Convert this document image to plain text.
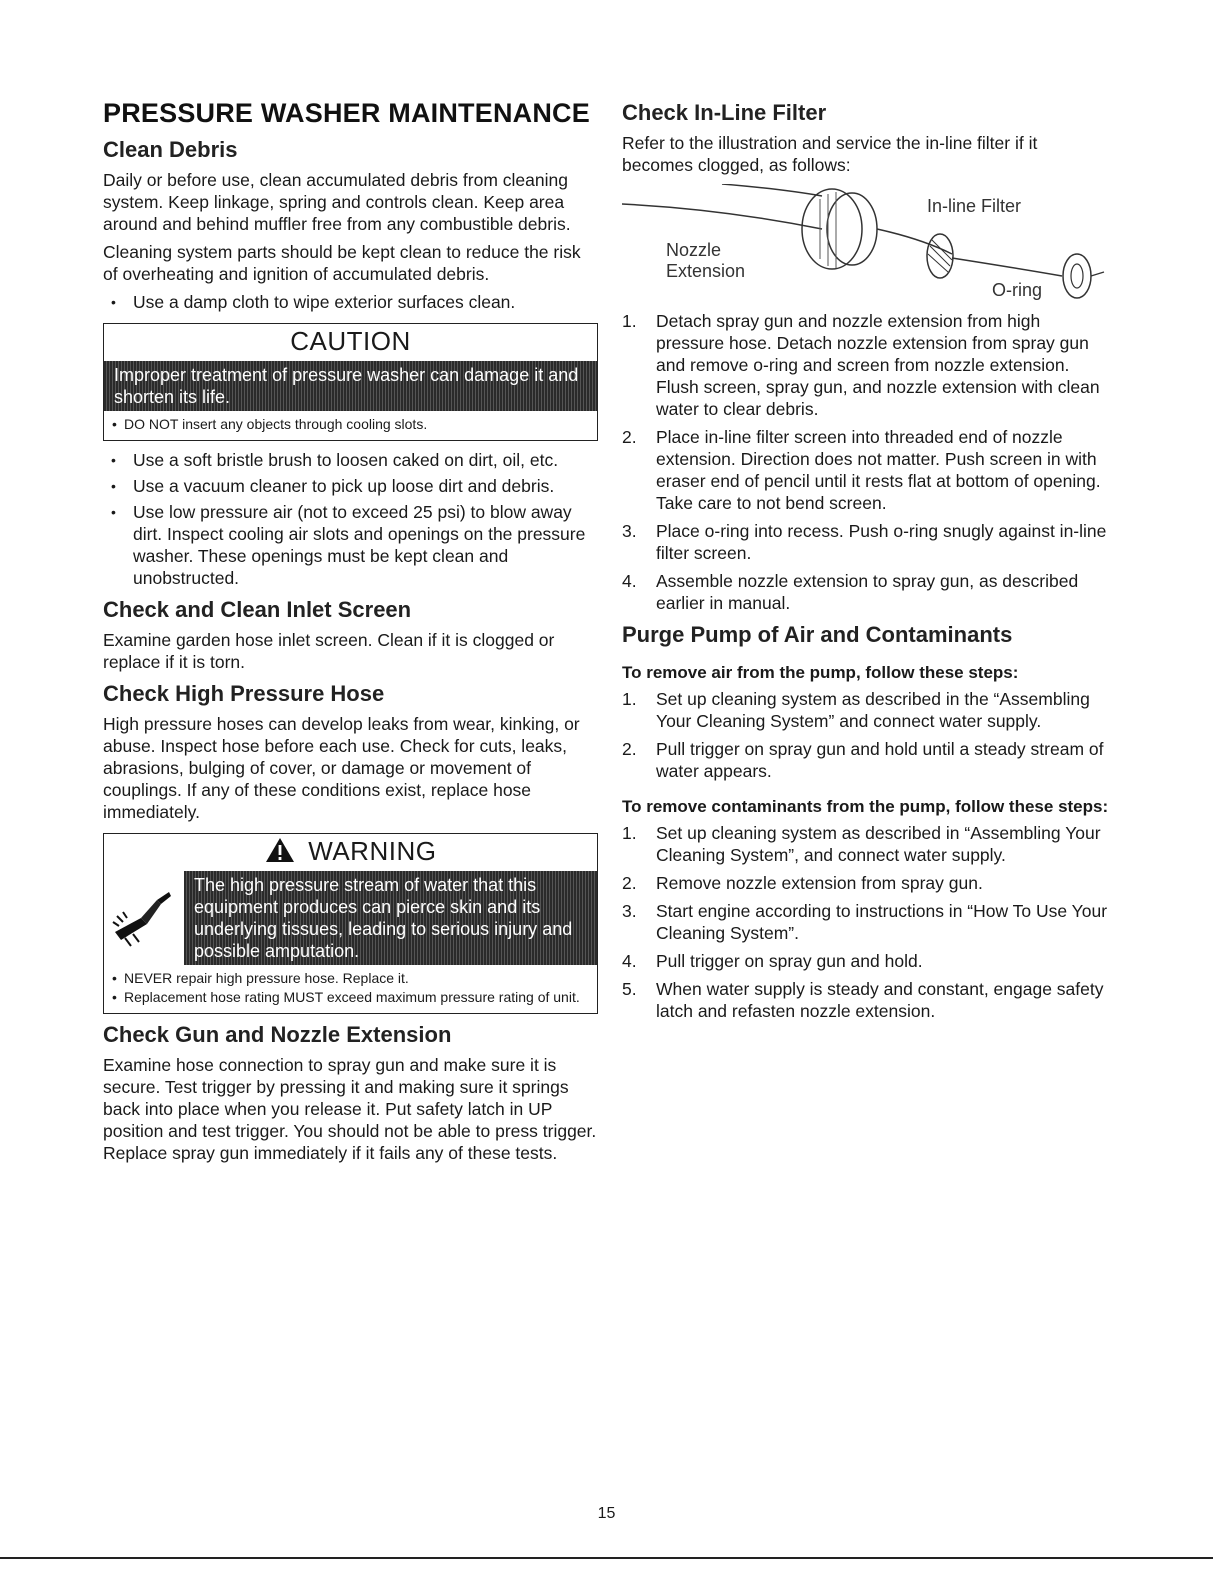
PRESSURE WASHER MAINTENANCE
Clean Debris

Daily or before use, clean accumulated debris from cleaning system. Keep linkage, spring and controls clean. Keep area around and behind muffler free from any combustible debris.

Cleaning system parts should be kept clean to reduce the risk of overheating and ignition of accumulated debris.

• Use a damp cloth to wipe exterior surfaces clean.
CAUTION
Improper treatment of pressure washer can damage it and shorten its life.
• DO NOT insert any objects through cooling slots.
• Use a soft bristle brush to loosen caked on dirt, oil, etc.
• Use a vacuum cleaner to pick up loose dirt and debris.
• Use low pressure air (not to exceed 25 psi) to blow away dirt. Inspect cooling air slots and openings on the pressure washer. These openings must be kept clean and unobstructed.
Check and Clean Inlet Screen

Examine garden hose inlet screen. Clean if it is clogged or replace if it is torn.

Check High Pressure Hose

High pressure hoses can develop leaks from wear, kinking, or abuse. Inspect hose before each use. Check for cuts, leaks, abrasions, bulging of cover, or damage or movement of couplings. If any of these conditions exist, replace hose immediately.

WARNING
The high pressure stream of water that this equipment produces can pierce skin and its underlying tissues, leading to serious injury and possible amputation.
• NEVER repair high pressure hose. Replace it.
• Replacement hose rating MUST exceed maximum pressure rating of unit.
Check Gun and Nozzle Extension

Examine hose connection to spray gun and make sure it is secure. Test trigger by pressing it and making sure it springs back into place when you release it. Put safety latch in UP position and test trigger. You should not be able to press trigger. Replace spray gun immediately if it fails any of these tests.

Check In-Line Filter

Refer to the illustration and service the in-line filter if it becomes clogged, as follows:

In-line Filter
Nozzle
Extension
O-ring
1. Detach spray gun and nozzle extension from high pressure hose. Detach nozzle extension from spray gun and remove o-ring and screen from nozzle extension. Flush screen, spray gun, and nozzle extension with clean water to clear debris.
2. Place in-line filter screen into threaded end of nozzle extension. Direction does not matter. Push screen in with eraser end of pencil until it rests flat at bottom of opening. Take care to not bend screen.
3. Place o-ring into recess. Push o-ring snugly against in-line filter screen.
4. Assemble nozzle extension to spray gun, as described earlier in manual.
Purge Pump of Air and Contaminants
To remove air from the pump, follow these steps:
1. Set up cleaning system as described in the “Assembling Your Cleaning System” and connect water supply.
2. Pull trigger on spray gun and hold until a steady stream of water appears.
To remove contaminants from the pump, follow these steps:
1. Set up cleaning system as described in “Assembling Your Cleaning System”, and connect water supply.
2. Remove nozzle extension from spray gun.
3. Start engine according to instructions in “How To Use Your Cleaning System”.
4. Pull trigger on spray gun and hold.
5. When water supply is steady and constant, engage safety latch and refasten nozzle extension.
15
